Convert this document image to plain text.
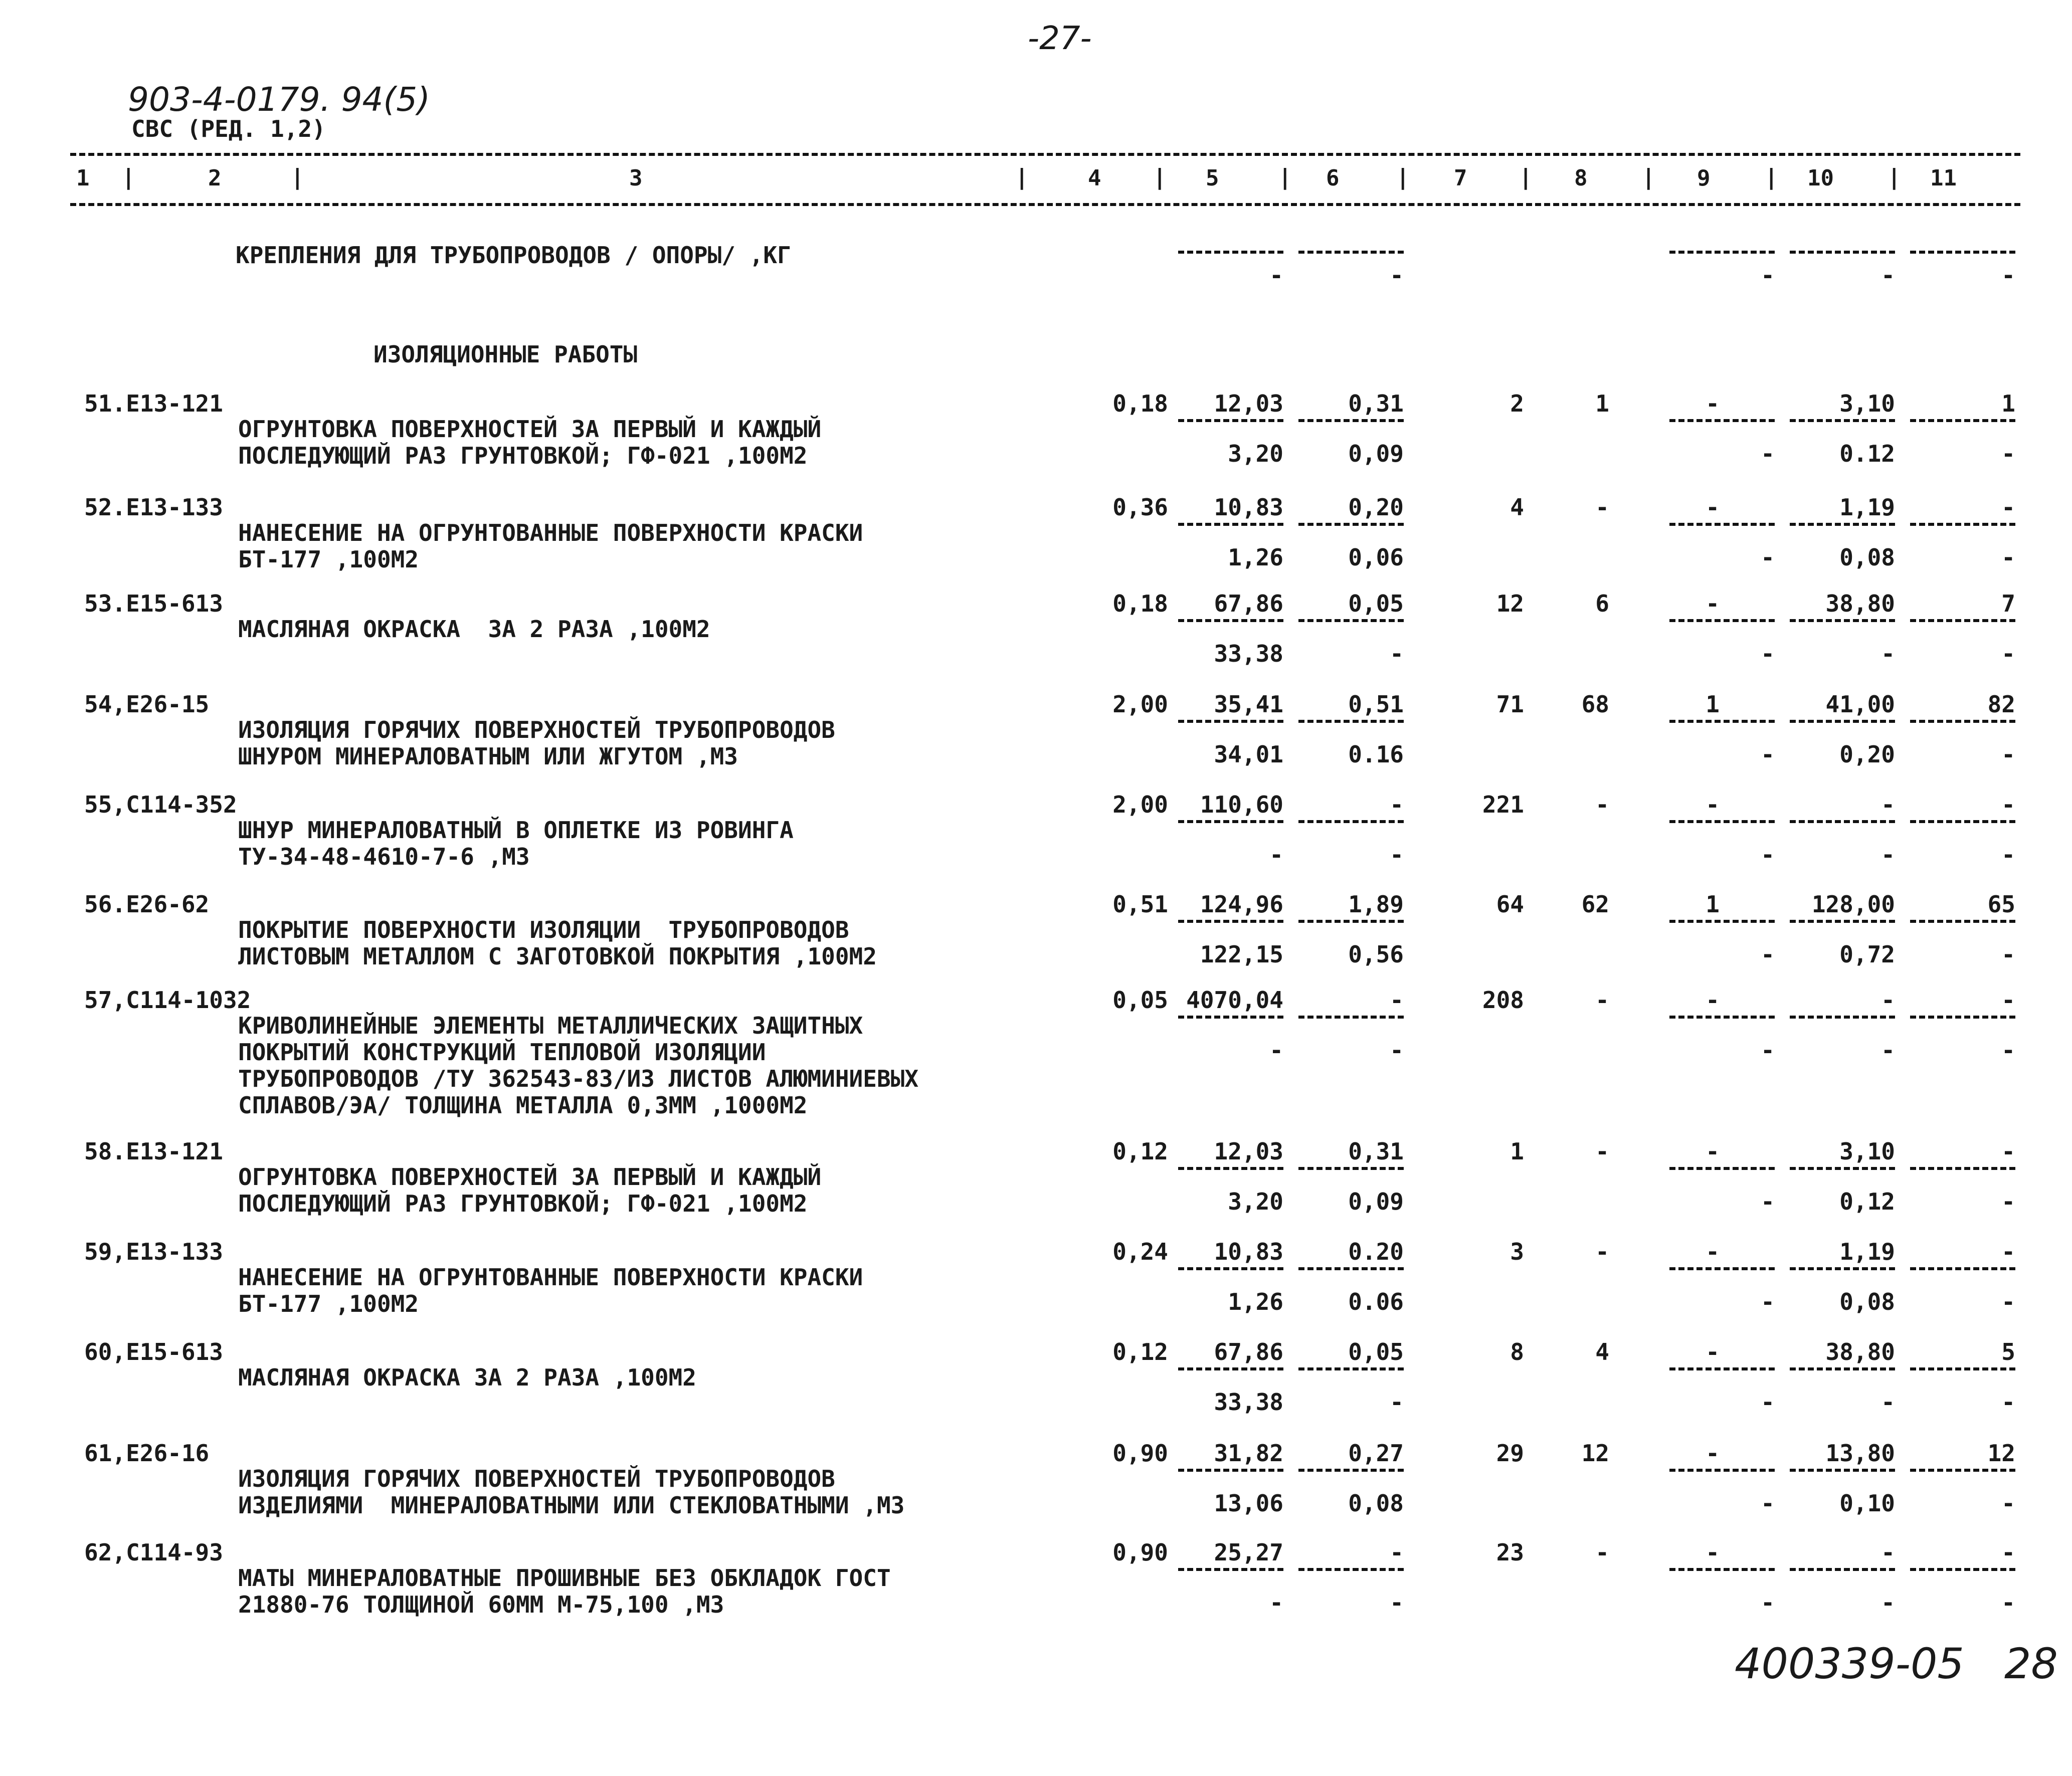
-27-
903-4-0179. 94(5)
СВС (РЕД. 1,2)
1	2	3	4	5	6	7	8	9	10	11
|	|	|	|	|	|	|	|	|	|
КРЕПЛЕНИЯ ДЛЯ ТРУБОПРОВОДОВ / ОПОРЫ/ ,КГ
-	-	-	-	-
ИЗОЛЯЦИОННЫЕ РАБОТЫ
51.Е13-121
ОГРУНТОВКА ПОВЕРХНОСТЕЙ ЗА ПЕРВЫЙ И КАЖДЫЙ
ПОСЛЕДУЮЩИЙ РАЗ ГРУНТОВКОЙ; ГФ-021 ,100М2
0,18	12,03	0,31	2	1	-	3,10	1
3,20	0,09	-	0.12	-
52.Е13-133
НАНЕСЕНИЕ НА ОГРУНТОВАННЫЕ ПОВЕРХНОСТИ КРАСКИ
БТ-177 ,100М2
0,36	10,83	0,20	4	-	-	1,19	-
1,26	0,06	-	0,08	-
53.Е15-613
МАСЛЯНАЯ ОКРАСКА  ЗА 2 РАЗА ,100М2
0,18	67,86	0,05	12	6	-	38,80	7
33,38	-	-	-	-
54,Е26-15
ИЗОЛЯЦИЯ ГОРЯЧИХ ПОВЕРХНОСТЕЙ ТРУБОПРОВОДОВ
ШНУРОМ МИНЕРАЛОВАТНЫМ ИЛИ ЖГУТОМ ,М3
2,00	35,41	0,51	71	68	1	41,00	82
34,01	0.16	-	0,20	-
55,С114-352
ШНУР МИНЕРАЛОВАТНЫЙ В ОПЛЕТКЕ ИЗ РОВИНГА
ТУ-34-48-4610-7-6 ,М3
2,00	110,60	-	221	-	-	-	-
-	-	-	-	-
56.Е26-62
ПОКРЫТИЕ ПОВЕРХНОСТИ ИЗОЛЯЦИИ  ТРУБОПРОВОДОВ
ЛИСТОВЫМ МЕТАЛЛОМ С ЗАГОТОВКОЙ ПОКРЫТИЯ ,100М2
0,51	124,96	1,89	64	62	1	128,00	65
122,15	0,56	-	0,72	-
57,С114-1032
КРИВОЛИНЕЙНЫЕ ЭЛЕМЕНТЫ МЕТАЛЛИЧЕСКИХ ЗАЩИТНЫХ
ПОКРЫТИЙ КОНСТРУКЦИЙ ТЕПЛОВОЙ ИЗОЛЯЦИИ
ТРУБОПРОВОДОВ /ТУ 362543-83/ИЗ ЛИСТОВ АЛЮМИНИЕВЫХ
СПЛАВОВ/ЭА/ ТОЛЩИНА МЕТАЛЛА 0,3ММ ,1000М2
0,05 4070,04	-	208	-	-	-	-
-	-	-	-	-
58.Е13-121
ОГРУНТОВКА ПОВЕРХНОСТЕЙ ЗА ПЕРВЫЙ И КАЖДЫЙ
ПОСЛЕДУЮЩИЙ РАЗ ГРУНТОВКОЙ; ГФ-021 ,100М2
0,12	12,03	0,31	1	-	-	3,10	-
3,20	0,09	-	0,12	-
59,Е13-133
НАНЕСЕНИЕ НА ОГРУНТОВАННЫЕ ПОВЕРХНОСТИ КРАСКИ
БТ-177 ,100М2
0,24	10,83	0.20	3	-	-	1,19	-
1,26	0.06	-	0,08	-
60,Е15-613
МАСЛЯНАЯ ОКРАСКА ЗА 2 РАЗА ,100М2
0,12	67,86	0,05	8	4	-	38,80	5
33,38	-	-	-	-
61,Е26-16
ИЗОЛЯЦИЯ ГОРЯЧИХ ПОВЕРХНОСТЕЙ ТРУБОПРОВОДОВ
ИЗДЕЛИЯМИ  МИНЕРАЛОВАТНЫМИ ИЛИ СТЕКЛОВАТНЫМИ ,М3
0,90	31,82	0,27	29	12	-	13,80	12
13,06	0,08	-	0,10	-
62,С114-93
МАТЫ МИНЕРАЛОВАТНЫЕ ПРОШИВНЫЕ БЕЗ ОБКЛАДОК ГОСТ
21880-76 ТОЛЩИНОЙ 60ММ М-75,100 ,М3
0,90	25,27	-	23	-	-	-	-
-	-	-	-	-
400339-05   28
